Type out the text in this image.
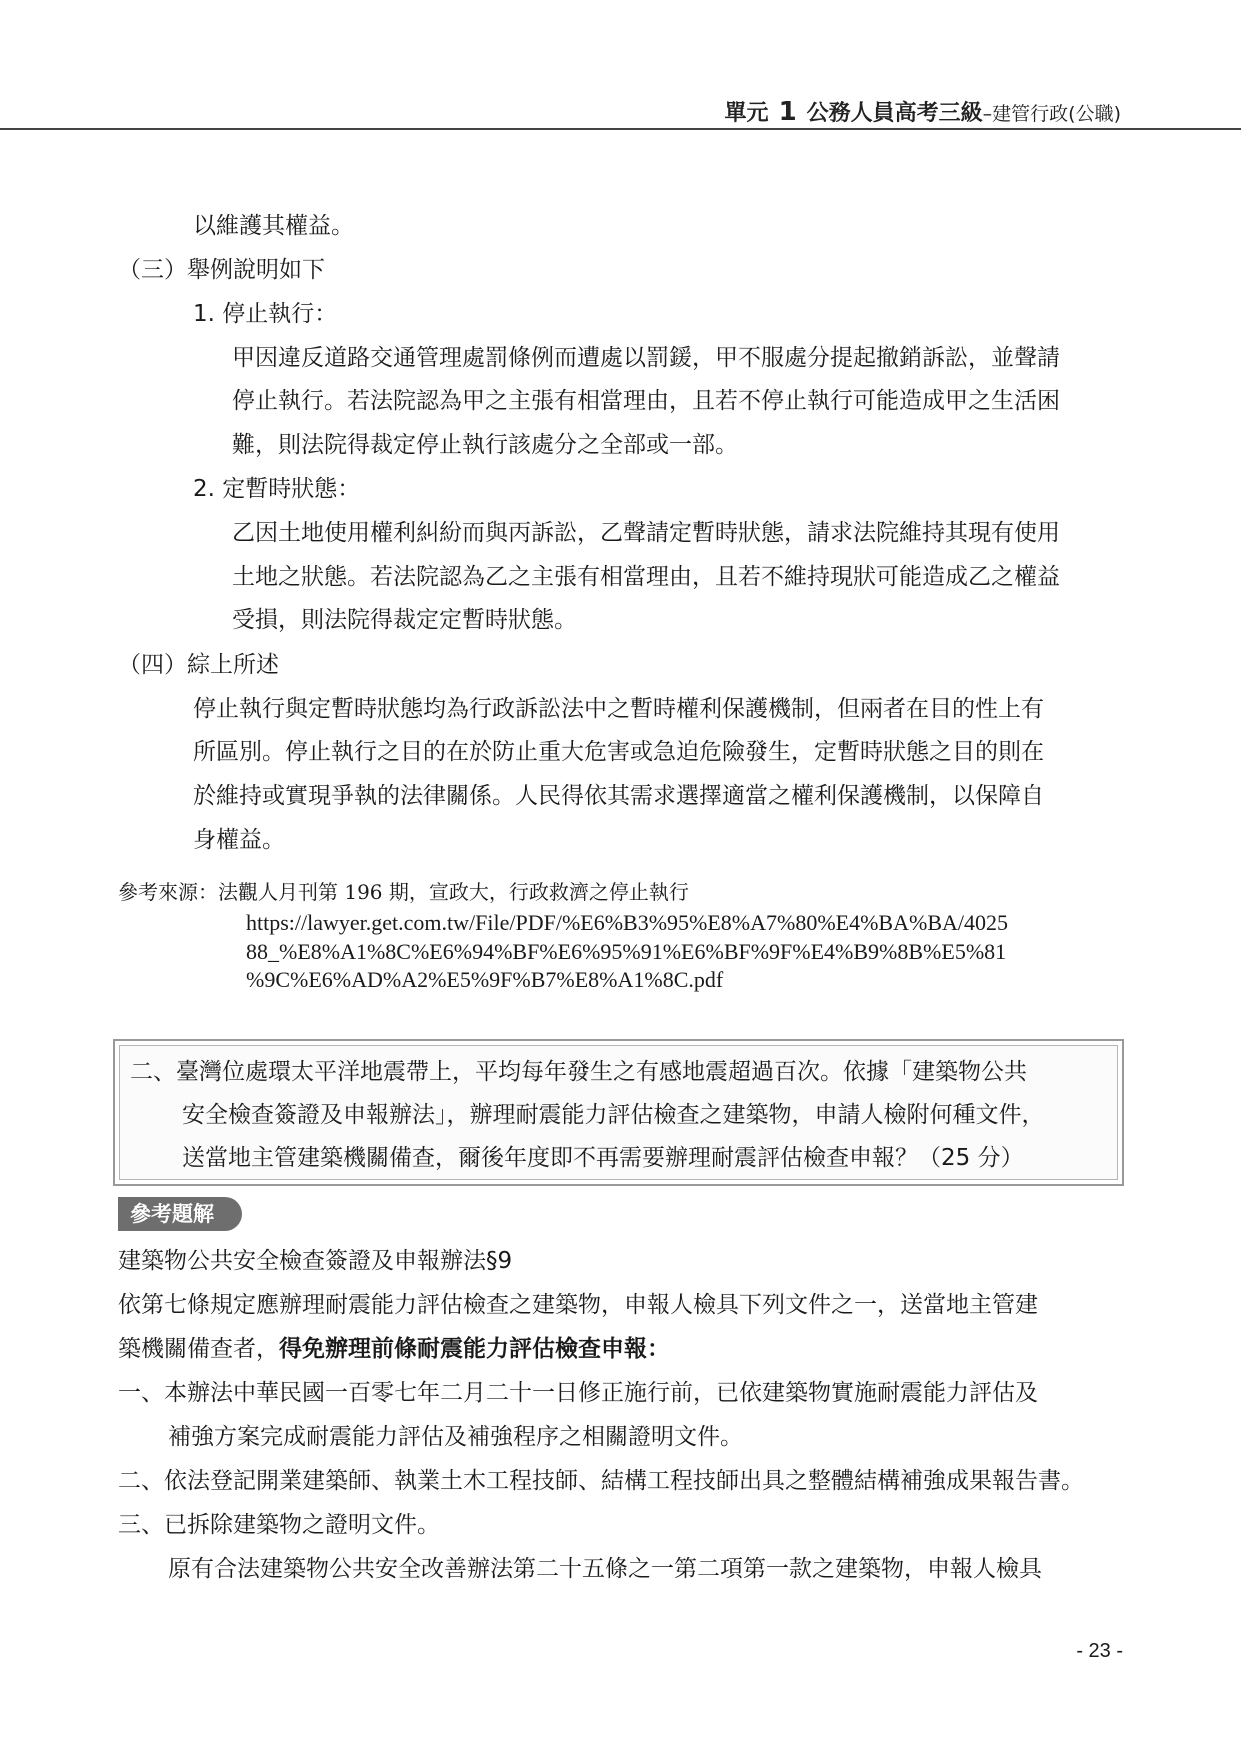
單元 1 公務人員高考三級–建管行政(公職)
以維護其權益。
（三）舉例說明如下
1. 停止執行：
甲因違反道路交通管理處罰條例而遭處以罰鍰，甲不服處分提起撤銷訴訟，並聲請
停止執行。若法院認為甲之主張有相當理由，且若不停止執行可能造成甲之生活困
難，則法院得裁定停止執行該處分之全部或一部。
2. 定暫時狀態：
乙因土地使用權利糾紛而與丙訴訟，乙聲請定暫時狀態，請求法院維持其現有使用
土地之狀態。若法院認為乙之主張有相當理由，且若不維持現狀可能造成乙之權益
受損，則法院得裁定定暫時狀態。
（四）綜上所述
停止執行與定暫時狀態均為行政訴訟法中之暫時權利保護機制，但兩者在目的性上有
所區別。停止執行之目的在於防止重大危害或急迫危險發生，定暫時狀態之目的則在
於維持或實現爭執的法律關係。人民得依其需求選擇適當之權利保護機制，以保障自
身權益。
參考來源：法觀人月刊第 196 期，宣政大，行政救濟之停止執行
https://lawyer.get.com.tw/File/PDF/%E6%B3%95%E8%A7%80%E4%BA%BA/4025
88_%E8%A1%8C%E6%94%BF%E6%95%91%E6%BF%9F%E4%B9%8B%E5%81
%9C%E6%AD%A2%E5%9F%B7%E8%A1%8C.pdf
二、臺灣位處環太平洋地震帶上，平均每年發生之有感地震超過百次。依據「建築物公共
安全檢查簽證及申報辦法」，辦理耐震能力評估檢查之建築物，申請人檢附何種文件，
送當地主管建築機關備查，爾後年度即不再需要辦理耐震評估檢查申報？（25 分）
參考題解
建築物公共安全檢查簽證及申報辦法§9
依第七條規定應辦理耐震能力評估檢查之建築物，申報人檢具下列文件之一，送當地主管建
築機關備查者，得免辦理前條耐震能力評估檢查申報：
一、本辦法中華民國一百零七年二月二十一日修正施行前，已依建築物實施耐震能力評估及
補強方案完成耐震能力評估及補強程序之相關證明文件。
二、依法登記開業建築師、執業土木工程技師、結構工程技師出具之整體結構補強成果報告書。
三、已拆除建築物之證明文件。
原有合法建築物公共安全改善辦法第二十五條之一第二項第一款之建築物，申報人檢具
- 23 -
